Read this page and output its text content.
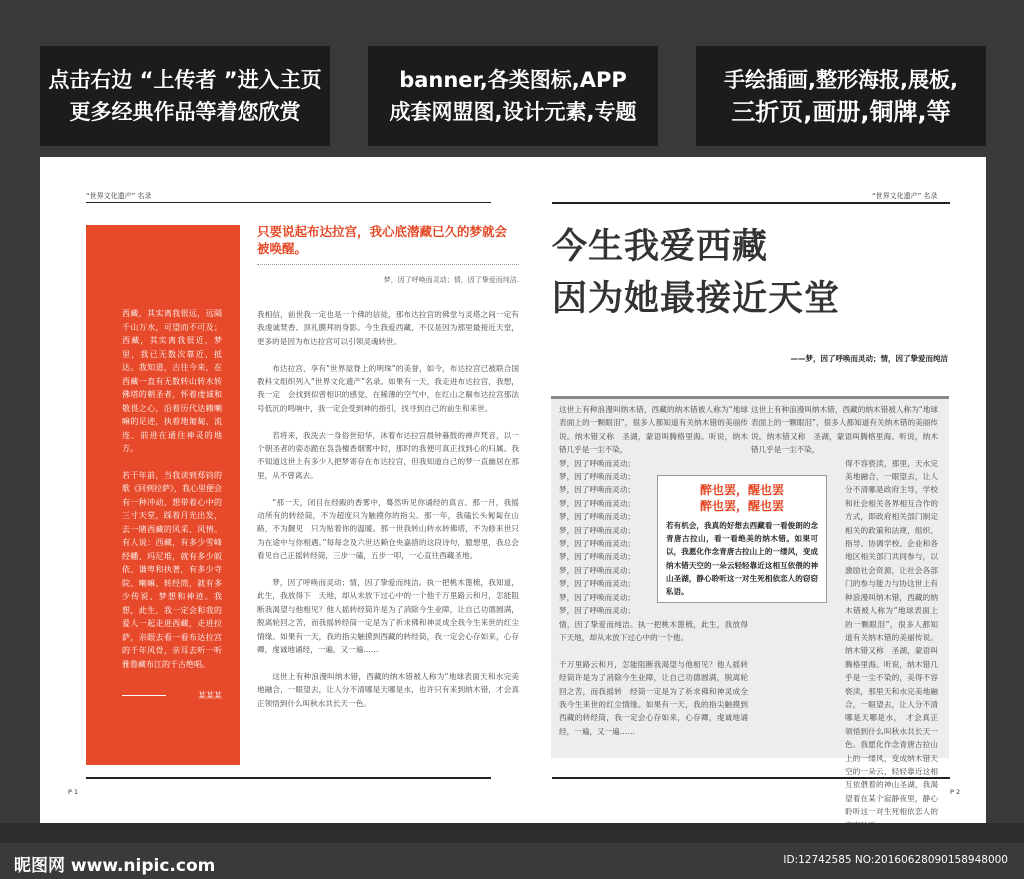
点击右边 “上传者 ”进入主页
更多经典作品等着您欣赏
banner,各类图标,APP
成套网盟图,设计元素,专题
手绘插画,整形海报,展板,
三折页,画册,铜牌,等
“世界文化遗产” 名录

西藏，其实离我很远，远隔千山万水，可望而不可及；西藏，其实离我很近，梦里，我已无数次靠近、抵达。我知道，古往今来，在西藏一直有无数转山转水转佛塔的朝圣者，怀着虔诚和敬畏之心，沿着历代达赖喇嘛的足迹，执着地匍匐、流连、前进在通往神灵的地方。

若干年前，当我读到郑钧的歌《回到拉萨》，我心里便会有一种冲动，想带着心中的三寸天堂，踩着月光出发，去一睹西藏的风采、风情。有人说：西藏，有多少雪峰经幡、玛尼堆，就有多少皈依、谦卑和执著，有多少寺院、喇嘛、转经筒，就有多少传说、梦想和神迹。我想，此生，我一定会和我的爱人一起走进西藏，走进拉萨，亲眼去看一看布达拉宫的千年风骨，亲耳去听一听雅鲁藏布江的千古绝唱。

某某某
只要说起布达拉宫，我心底潜藏已久的梦就会被唤醒。
梦，因了呼唤而灵动；情，因了挚爱而纯洁.

我相信，前世我一定也是一个佛的信徒，那布达拉宫的佛堂与灵塔之间一定有我虔诚焚香、顶礼膜拜的身影。今生我爱西藏，不仅是因为那里最接近天堂，更多的是因为布达拉宫可以引领灵魂转世。

布达拉宫，享有“世界屋脊上的明珠”的美誉，如今，布达拉宫已被联合国教科文组织列入“世界文化遗产”名录。如果有一天，我走进布达拉宫，我想，我一定　会找到似曾相识的感觉，在稀薄的空气中，在红山之巅布达拉宫那法号低沉的鸣响中，我一定会受到神的指引，找寻到自己的前生和来世。

若将来，我洗去一身俗世铅华，沐着布达拉宫晨钟暮鼓的禅声梵音，以一个朝圣者的姿态跪在袅袅檀香烟雾中时，那时的我便可真正找到心的归属。我不知道这世上有多少人把梦寄存在布达拉宫，但我知道自己的梦一直幽居在那里，从不曾离去。

“那一天，闭目在经殿的香雾中，蓦然听见你诵经的真言。那一月，我摇动所有的转经筒，不为超度只为触摸你的指尖。那一年，我磕长头匍匐在山路，不为觐见　只为贴着你的温暖。那一世我转山转水转佛塔，不为修来世只为在途中与你相遇。”每每念及六世达赖仓央嘉措的这段诗句，臆想里，我总会看见自己正摇转经筒，三步一磕，五步一叩，一心直往西藏圣地。

梦，因了呼唤而灵动；情，因了挚爱而纯洁。执一把桃木篦梳，我知道，此生，我放得下　天地，却从未放下过心中的一个他千万里路云和月，怎能阻断我渴望与他相见？他人摇转经筒许是为了消除今生业障，让自己功德圆满，脱离轮回之苦，而我摇转经筒一定是为了祈求佛和神灵成全我今生来世的红尘情缘。如果有一天，我的指尖触摸到西藏的转经筒，我一定会心存如来，心存卿，虔诚地诵经，一遍，又一遍……

这世上有种浪漫叫纳木错，西藏的纳木错被人称为“地球表面天和水完美地融合，一眼望去，让人分不清哪是天哪是水，也许只有来到纳木错，才会真正领悟到什么叫秋水共长天一色。

P 1
“世界文化遗产” 名录
今生我爱西藏
因为她最接近天堂
——梦，因了呼唤而灵动；情，因了挚爱而纯洁

这世上有种浪漫叫纳木错，西藏的纳木错被人称为“地球表面上的一颗眼泪”，很多人都知道有关纳木错的美丽传说。纳木错又称　圣湖，蒙语叫腾格里海。听说，纳木错几乎是一尘不染，
梦，因了呼唤而灵动；
梦，因了呼唤而灵动；
梦，因了呼唤而灵动；
梦，因了呼唤而灵动；
梦，因了呼唤而灵动；
梦，因了呼唤而灵动；
梦，因了呼唤而灵动；
梦，因了呼唤而灵动；
梦，因了呼唤而灵动；
梦，因了呼唤而灵动；
梦，因了呼唤而灵动；
梦，因了呼唤而灵动；
情，因了挚爱而纯洁。执一把桃木篦梳，此生，我放得下天地，却从未放下过心中的一个他。

千万里路云和月，怎能阻断我渴望与他相见？他人摇转经筒许是为了消除今生业障，让自己功德圆满，脱离轮回之苦，而我摇转　经筒一定是为了祈求佛和神灵成全我今生来世的红尘情缘。如果有一天，我的指尖触摸到西藏的转经筒，我一定会心存如来，心存卿，虔诚地诵经，一遍，又一遍……

这世上有种浪漫叫纳木错，西藏的纳木错被人称为“地球表面上的一颗眼泪”，很多人都知道有关纳木错的美丽传说。纳木错又称　圣湖，蒙语叫腾格里海。听说，纳木错几乎是一尘不染，

得不容亵渎，那里，天水完美地融合，一眼望去，让人分不清哪是政府主导，学校和社会相关各界相互合作的方式，即政府相关部门制定相关的政策和法规，组织、指导、协调学校、企业和各地区相关部门共同参与，以激励社会资源，让社会各部门的参与能力与协这世上有种浪漫叫纳木错，西藏的纳木错被人称为“地球表面上的一颗眼泪”，很多人都知道有关纳木错的美丽传说。纳木错又称　圣湖，蒙语叫腾格里海。听说，纳木错几乎是一尘不染的，美得不容亵渎，那里天和水完美地融合，一眼望去，让人分不清哪是天哪是水，　才会真正领悟到什么叫秋水共长天一色。我愿化作念青唐古拉山上的一缕风，变成纳木错天空的一朵云，轻轻靠近这相互依偎着的神山圣湖，我渴望着在某个寂静夜里，静心聆听这一对生死相依恋人的

醉也罢，醒也罢
醉也罢，醒也罢
若有机会，我真的好想去西藏看一看俊朗的念青唐古拉山，看一看绝美的纳木错。如果可以，我愿化作念青唐古拉山上的一缕风，变成纳木错天空的一朵云轻轻靠近这相互依偎的神山圣湖，静心聆听这一对生死相依恋人的窃窃私语。
P 2
昵图网 www.nipic.com	ID:12742585 NO:20160628090158948000
